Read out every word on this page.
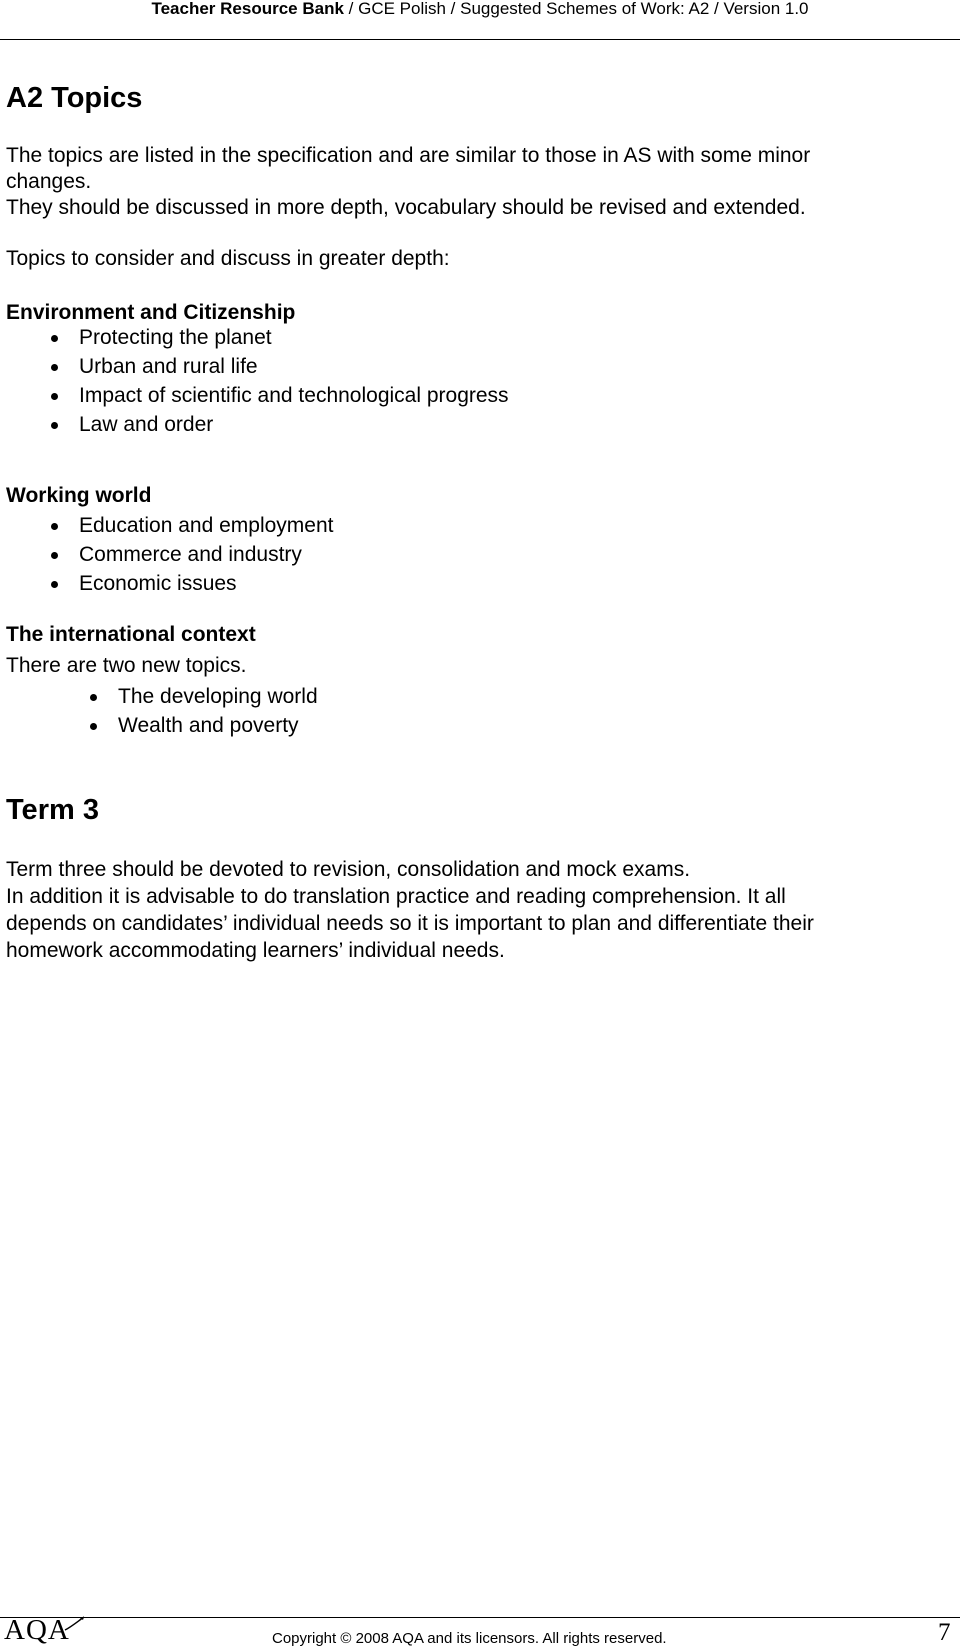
Teacher Resource Bank / GCE Polish / Suggested Schemes of Work: A2 / Version 1.0
A2 Topics
The topics are listed in the specification and are similar to those in AS with some minor
changes.
They should be discussed in more depth, vocabulary should be revised and extended.
Topics to consider and discuss in greater depth:
Environment and Citizenship
Protecting the planet
Urban and rural life
Impact of scientific and technological progress
Law and order
Working world
Education and employment
Commerce and industry
Economic issues
The international context
There are two new topics.
The developing world
Wealth and poverty
Term 3
Term three should be devoted to revision, consolidation and mock exams.
In addition it is advisable to do translation practice and reading comprehension. It all
depends on candidates’ individual needs so it is important to plan and differentiate their
homework accommodating learners’ individual needs.
AQA	Copyright © 2008 AQA and its licensors. All rights reserved.	7
